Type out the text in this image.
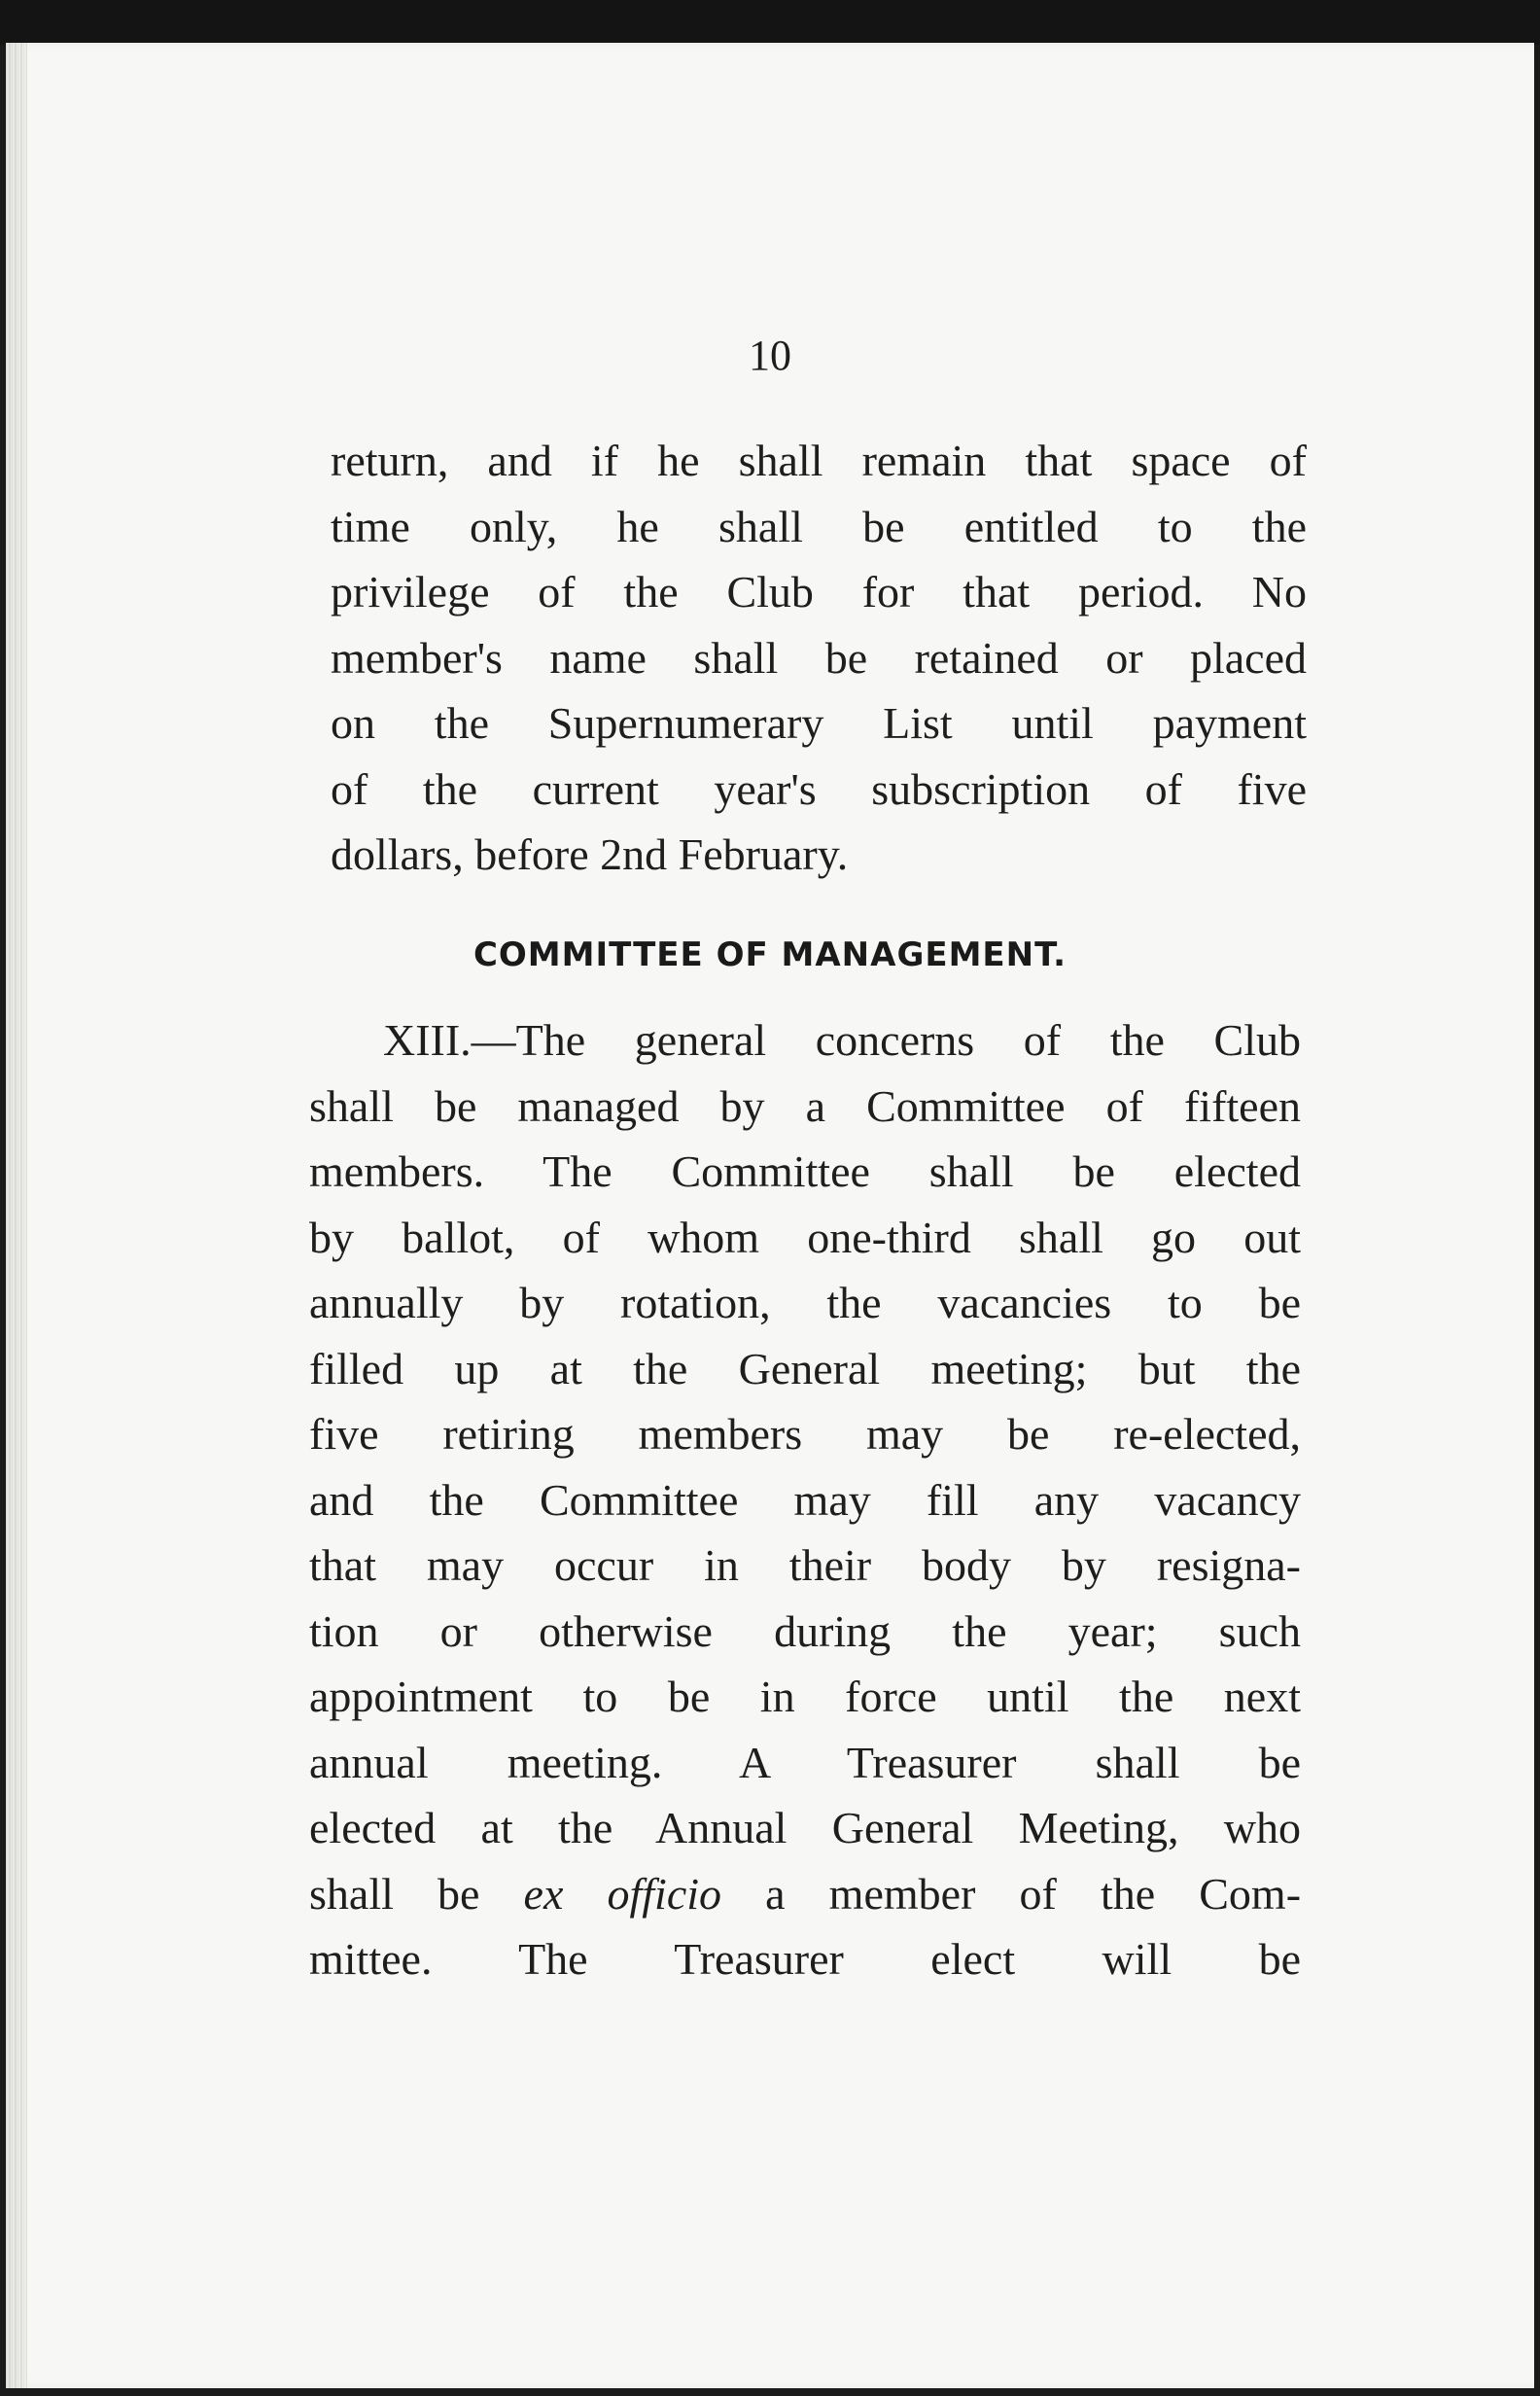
10
return, and if he shall remain that space of
time only, he shall be entitled to the
privilege of the Club for that period. No
member's name shall be retained or placed
on the Supernumerary List until payment
of the current year's subscription of five
dollars, before 2nd February.
COMMITTEE OF MANAGEMENT.
XIII.—The general concerns of the Club
shall be managed by a Committee of fifteen
members. The Committee shall be elected
by ballot, of whom one-third shall go out
annually by rotation, the vacancies to be
filled up at the General meeting; but the
five retiring members may be re-elected,
and the Committee may fill any vacancy
that may occur in their body by resigna-
tion or otherwise during the year; such
appointment to be in force until the next
annual meeting. A Treasurer shall be
elected at the Annual General Meeting, who
shall be ex officio a member of the Com-
mittee. The Treasurer elect will be
